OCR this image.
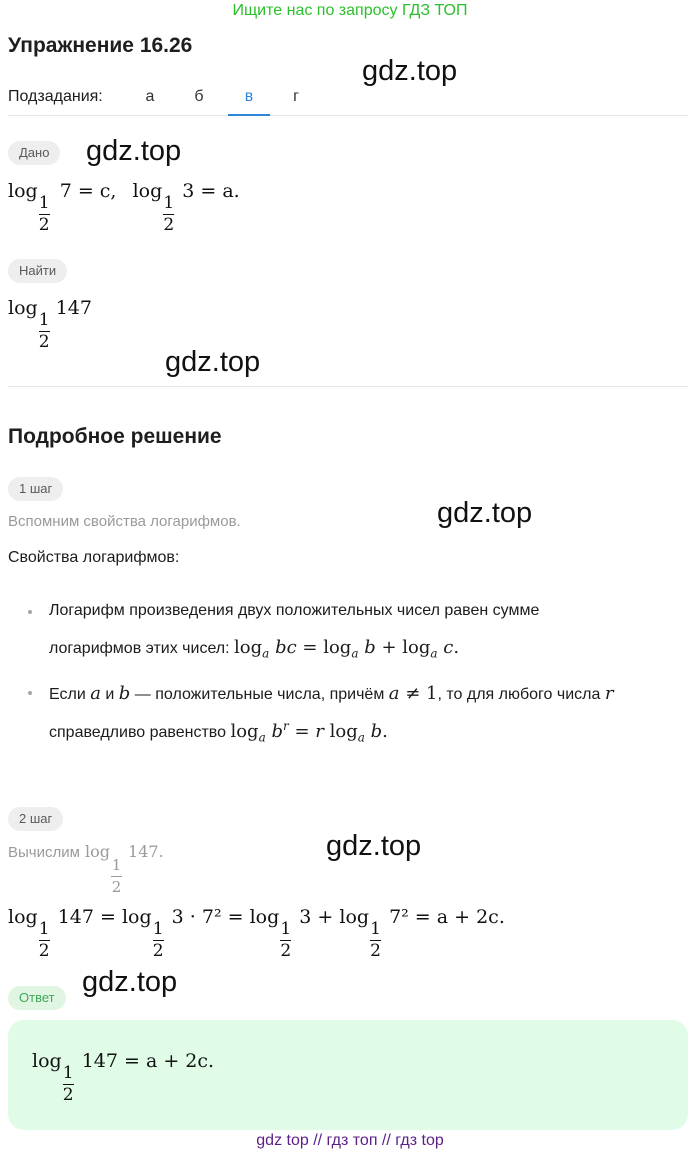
Ищите нас по запросу ГДЗ ТОП
Упражнение 16.26
gdz.top
gdz.top
gdz.top
gdz.top
gdz.top
gdz.top
Подзадания:	а	б	в	г
Дано
log
1
2
7 = c, log
1
2
3 = a.
Найти
log
1
2
147
Подробное решение
1 шаг
Вспомним свойства логарифмов.
Свойства логарифмов:
Логарифм произведения двух положительных чисел равен сумме
логарифмов этих чисел: $\log_a$ bc = $\log_a b + \log_a c$.
Если a и b — положительные числа, причём a ≠ 1, то для любого числа r
справедливо равенство $\log_a b^r = r$ $\log_a b$.
2 шаг
Вычислим log
1
2
147.
log
1
2
147 = log
1
2
3 · 7² = log
1
2
3 + log
1
2
7² = a + 2c.
Ответ
log
1
2
147 = a + 2c.
gdz top // гдз топ // гдз top
